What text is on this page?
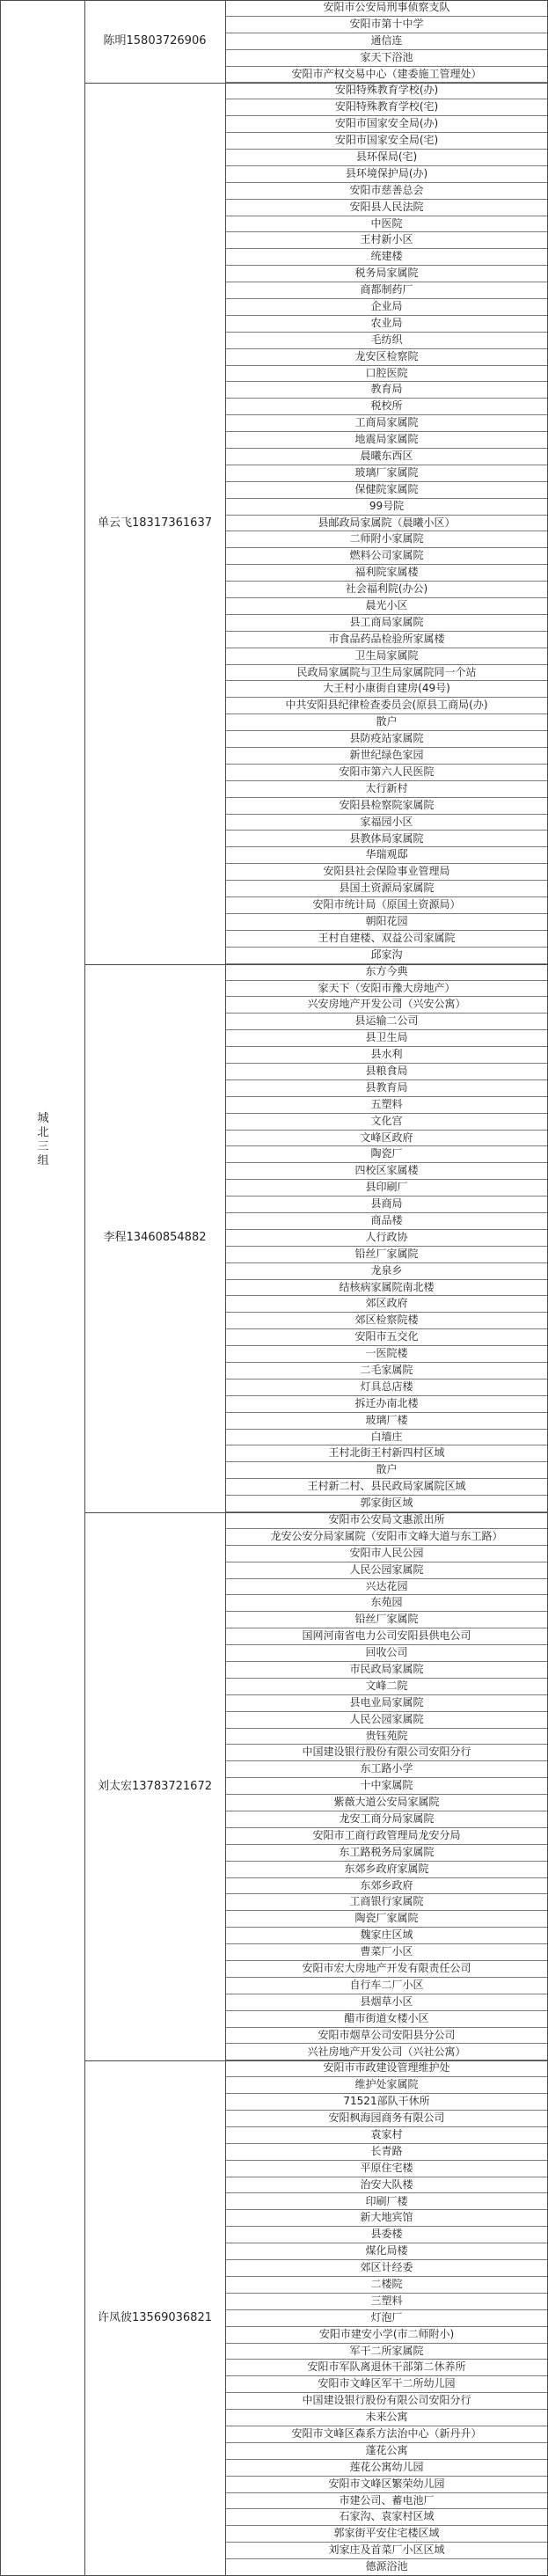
城北三组
陈明15803726906
安阳市公安局刑事侦察支队
安阳市第十中学
通信连
家天下浴池
安阳市产权交易中心（建委施工管理处）
单云飞18317361637
安阳特殊教育学校(办)
安阳特殊教育学校(宅)
安阳市国家安全局(办)
安阳市国家安全局(宅)
县环保局(宅)
县环境保护局(办)
安阳市慈善总会
安阳县人民法院
中医院
王村新小区
统建楼
税务局家属院
商都制药厂
企业局
农业局
毛纺织
龙安区检察院
口腔医院
教育局
税校所
工商局家属院
地震局家属院
晨曦东西区
玻璃厂家属院
保健院家属院
99号院
县邮政局家属院（晨曦小区）
二师附小家属院
燃料公司家属院
福利院家属楼
社会福利院(办公)
晨光小区
县工商局家属院
市食品药品检验所家属楼
卫生局家属院
民政局家属院与卫生局家属院同一个站
大王村小康街自建房(49号)
中共安阳县纪律检查委员会(原县工商局(办)
散户
县防疫站家属院
新世纪绿色家园
安阳市第六人民医院
太行新村
安阳县检察院家属院
家福园小区
县教体局家属院
华瑞观邸
安阳县社会保险事业管理局
县国土资源局家属院
安阳市统计局（原国土资源局）
朝阳花园
王村自建楼、双益公司家属院
邱家沟
李程13460854882
东方今典
家天下（安阳市豫大房地产）
兴安房地产开发公司（兴安公寓）
县运输二公司
县卫生局
县水利
县粮食局
县教育局
五塑料
文化宫
文峰区政府
陶瓷厂
四校区家属楼
县印刷厂
县商局
商品楼
人行政协
铅丝厂家属院
龙泉乡
结核病家属院南北楼
郊区政府
郊区检察院楼
安阳市五交化
一医院楼
二毛家属院
灯具总店楼
拆迁办南北楼
玻璃厂楼
白墙庄
王村北街王村新四村区域
散户
王村新二村、县民政局家属院区域
郭家街区域
刘太宏13783721672
安阳市公安局文惠派出所
龙安公安分局家属院（安阳市文峰大道与东工路）
安阳市人民公园
人民公园家属院
兴达花园
东苑园
铅丝厂家属院
国网河南省电力公司安阳县供电公司
回收公司
市民政局家属院
文峰二院
县电业局家属院
人民公园家属院
贵钰苑院
中国建设银行股份有限公司安阳分行
东工路小学
十中家属院
紫薇大道公安局家属院
龙安工商分局家属院
安阳市工商行政管理局龙安分局
东工路税务局家属院
东郊乡政府家属院
东郊乡政府
工商银行家属院
陶瓷厂家属院
魏家庄区域
曹菜厂小区
安阳市宏大房地产开发有限责任公司
自行车二厂小区
县烟草小区
醋市街道女楼小区
安阳市烟草公司安阳县分公司
兴社房地产开发公司（兴社公寓）
许凤彼13569036821
安阳市市政建设管理维护处
维护处家属院
71521部队干休所
安阳枫海园商务有限公司
袁家村
长青路
平原住宅楼
治安大队楼
印刷厂楼
新大地宾馆
县委楼
煤化局楼
郊区计经委
二楼院
三塑料
灯泡厂
安阳市建安小学(市二师附小)
军干二所家属院
安阳市军队离退休干部第二休养所
安阳市文峰区军干二所幼儿园
中国建设银行股份有限公司安阳分行
未来公寓
安阳市文峰区森系方法治中心（新丹升）
蓬花公寓
莲花公寓幼儿园
安阳市文峰区繁荣幼儿园
市建公司、蓄电池厂
石家沟、袁家村区域
郭家街平安住宅楼区域
刘家庄及首菜厂小区区域
德源浴池
